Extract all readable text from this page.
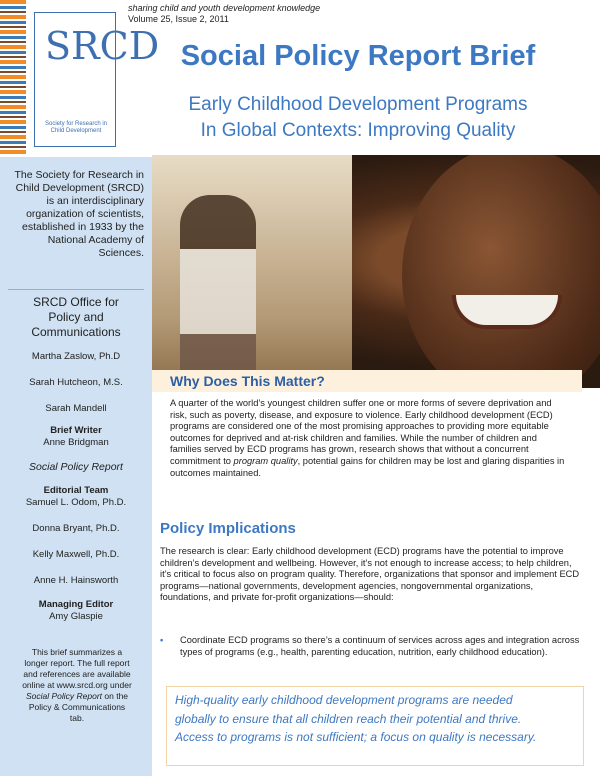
SRCD
Society for Research in Child Development
sharing child and youth development knowledge
Volume 25, Issue 2, 2011
Social Policy Report Brief
Early Childhood Development Programs
In Global Contexts: Improving Quality
The Society for Research in Child Development (SRCD) is an interdisciplinary organization of scientists, established in 1933 by the National Academy of Sciences.
SRCD Office for
Policy and
Communications
Martha Zaslow, Ph.D
Sarah Hutcheon, M.S.
Sarah Mandell
Brief Writer
Anne Bridgman
Social Policy Report
Editorial Team
Samuel L. Odom, Ph.D.
Donna Bryant, Ph.D.
Kelly Maxwell, Ph.D.
Anne H. Hainsworth
Managing Editor
Amy Glaspie
This brief summarizes a longer report. The full report and references are available online at www.srcd.org under Social Policy Report on the Policy & Communications tab.
Why Does This Matter?
A quarter of the world’s youngest children suffer one or more forms of severe deprivation and risk, such as poverty, disease, and exposure to violence. Early childhood development (ECD) programs are considered one of the most promising approaches to providing more equitable outcomes for deprived and at-risk children and families. While the number of children and families served by ECD programs has grown, research shows that without a concurrent commitment to program quality, potential gains for children may be lost and glaring disparities in outcomes maintained.
Policy Implications
The research is clear: Early childhood development (ECD) programs have the potential to improve children’s development and wellbeing. However, it’s not enough to increase access; to help children, it’s critical to focus also on program quality. Therefore, organizations that sponsor and implement ECD programs—national governments, development agencies, nongovernmental organizations, foundations, and private for-profit organizations—should:
• Coordinate ECD programs so there’s a continuum of services across ages and integration across types of programs (e.g., health, parenting education, nutrition, early childhood education).

High-quality early childhood development programs are needed

globally to ensure that all children reach their potential and thrive.

Access to programs is not sufficient; a focus on quality is necessary.
